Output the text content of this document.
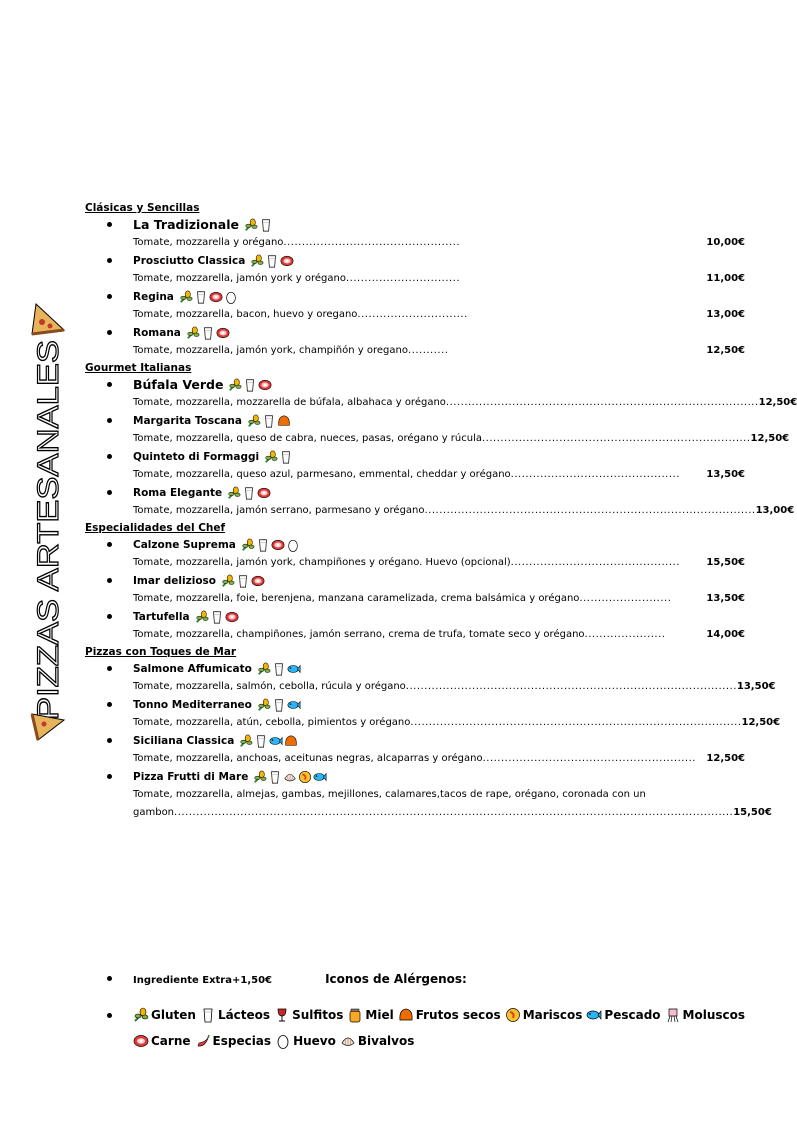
PIZZAS ARTESANALES
Clásicas y Sencillas
La Tradizionale
Tomate, mozzarella y orégano ................................................	10,00€
Prosciutto Classica
Tomate, mozzarella, jamón york y orégano ...............................	11,00€
Regina
Tomate, mozzarella, bacon, huevo y oregano ..............................	13,00€
Romana
Tomate, mozzarella, jamón york, champiñón y oregano ...........	12,50€
Gourmet Italianas
Búfala Verde
Tomate, mozzarella, mozzarella de búfala, albahaca y orégano ..................................................................................... 12,50€
Margarita Toscana
Tomate, mozzarella, queso de cabra, nueces, pasas, orégano y rúcula ......................................................................... 12,50€
Quinteto di Formaggi
Tomate, mozzarella, queso azul, parmesano, emmental, cheddar y orégano ..............................................	13,50€
Roma Elegante
Tomate, mozzarella, jamón serrano, parmesano y orégano .......................................................................................... 13,00€
Especialidades del Chef
Calzone Suprema
Tomate, mozzarella, jamón york, champiñones y orégano. Huevo (opcional) ..............................................	15,50€
Imar delizioso
Tomate, mozzarella, foie, berenjena, manzana caramelizada, crema balsámica y orégano .........................	13,50€
Tartufella
Tomate, mozzarella, champiñones, jamón serrano, crema de trufa, tomate seco y orégano ......................	14,00€
Pizzas con Toques de Mar
Salmone Affumicato
Tomate, mozzarella, salmón, cebolla, rúcula y orégano .......................................................................................... 13,50€
Tonno Mediterraneo
Tomate, mozzarella, atún, cebolla, pimientos y orégano .......................................................................................... 12,50€
Siciliana Classica
Tomate, mozzarella, anchoas, aceitunas negras, alcaparras y orégano ..........................................................	12,50€
Pizza Frutti di Mare
Tomate, mozzarella, almejas, gambas, mejillones, calamares,tacos de rape, orégano, coronada con un
gambon ........................................................................................................................................................ 15,50€
Ingrediente Extra+1,50€	Iconos de Alérgenos:
Gluten Lácteos Sulfitos Miel Frutos secos Mariscos Pescado Moluscos
Carne Especias Huevo Bivalvos
